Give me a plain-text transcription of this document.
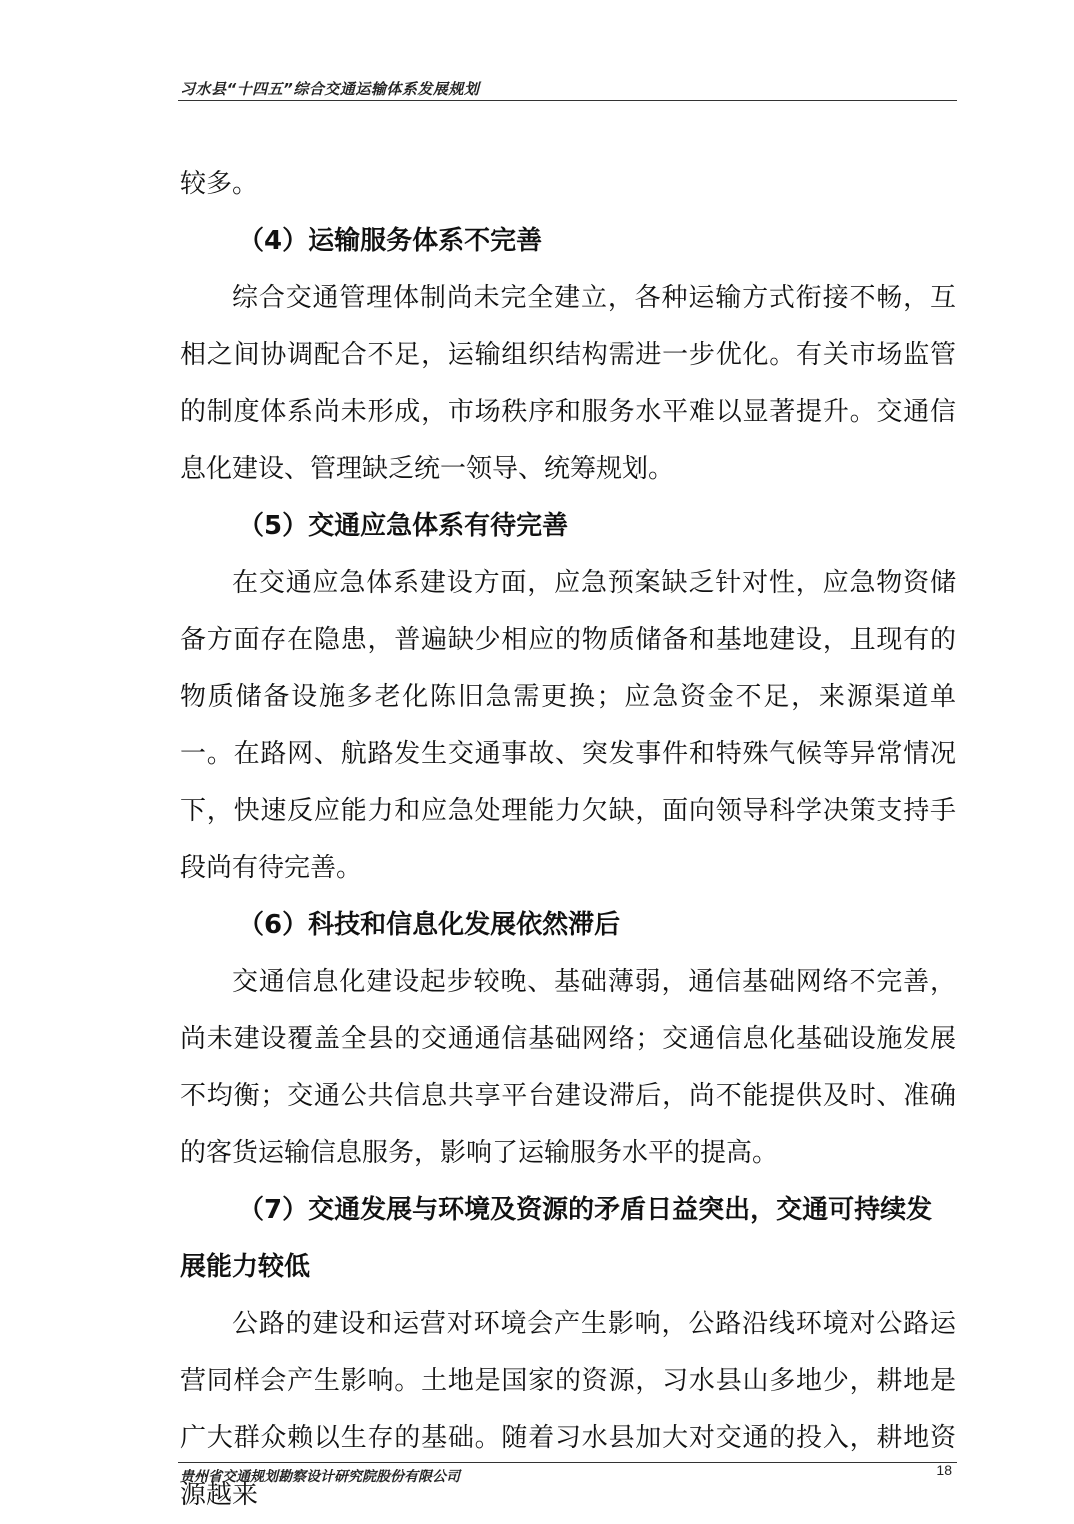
习水县“十四五”综合交通运输体系发展规划

较多。

（4）运输服务体系不完善

综合交通管理体制尚未完全建立，各种运输方式衔接不畅，互相之间协调配合不足，运输组织结构需进一步优化。有关市场监管的制度体系尚未形成，市场秩序和服务水平难以显著提升。交通信息化建设、管理缺乏统一领导、统筹规划。

（5）交通应急体系有待完善

在交通应急体系建设方面，应急预案缺乏针对性，应急物资储备方面存在隐患，普遍缺少相应的物质储备和基地建设，且现有的物质储备设施多老化陈旧急需更换；应急资金不足，来源渠道单一。在路网、航路发生交通事故、突发事件和特殊气候等异常情况下，快速反应能力和应急处理能力欠缺，面向领导科学决策支持手段尚有待完善。

（6）科技和信息化发展依然滞后

交通信息化建设起步较晚、基础薄弱，通信基础网络不完善，尚未建设覆盖全县的交通通信基础网络；交通信息化基础设施发展不均衡；交通公共信息共享平台建设滞后，尚不能提供及时、准确的客货运输信息服务，影响了运输服务水平的提高。

（7）交通发展与环境及资源的矛盾日益突出，交通可持续发展能力较低

公路的建设和运营对环境会产生影响，公路沿线环境对公路运营同样会产生影响。土地是国家的资源，习水县山多地少，耕地是广大群众赖以生存的基础。随着习水县加大对交通的投入，耕地资源越来

贵州省交通规划勘察设计研究院股份有限公司	18
